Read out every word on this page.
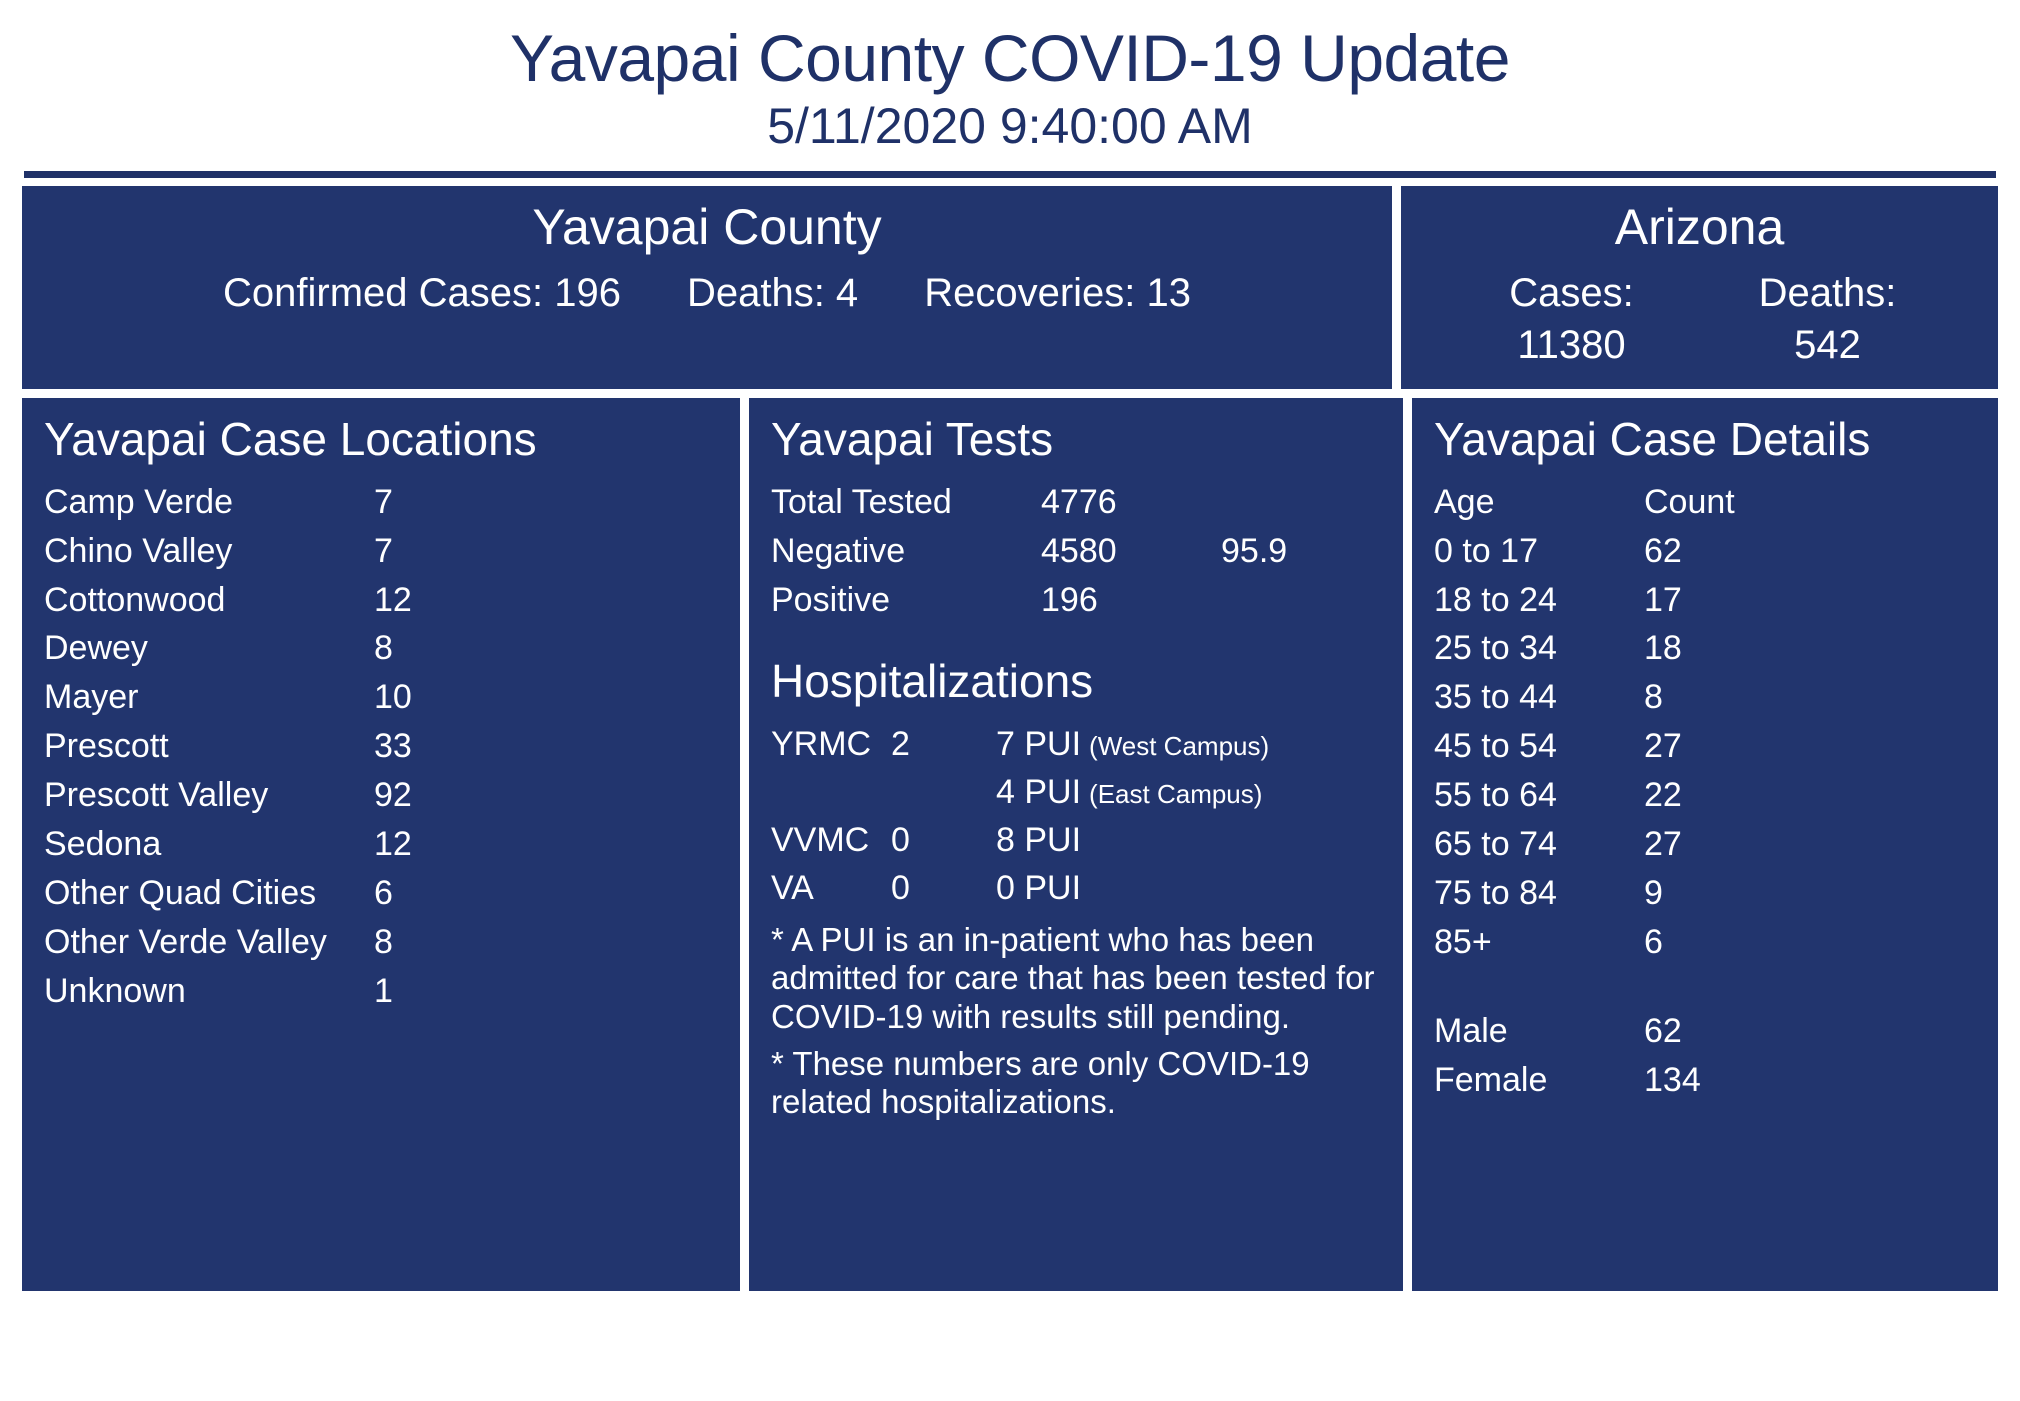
Yavapai County COVID-19 Update
5/11/2020 9:40:00 AM
Yavapai County
Confirmed Cases: 196 Deaths: 4 Recoveries: 13
Arizona
Cases:	Deaths:
11380	542
Yavapai Case Locations
Camp Verde	7
Chino Valley	7
Cottonwood	12
Dewey	8
Mayer	10
Prescott	33
Prescott Valley	92
Sedona	12
Other Quad Cities	6
Other Verde Valley	8
Unknown	1
Yavapai Tests
Total Tested	4776
Negative	4580	95.9
Positive	196
Hospitalizations
YRMC 2	7 PUI (West Campus)
4 PUI (East Campus)
VVMC 0	8 PUI
VA	0	0 PUI
* A PUI is an in-patient who has been admitted for care that has been tested for COVID-19 with results still pending.
* These numbers are only COVID-19 related hospitalizations.
Yavapai Case Details
Age	Count
0 to 17	62
18 to 24	17
25 to 34	18
35 to 44	8
45 to 54	27
55 to 64	22
65 to 74	27
75 to 84	9
85+	6
Male	62
Female	134
